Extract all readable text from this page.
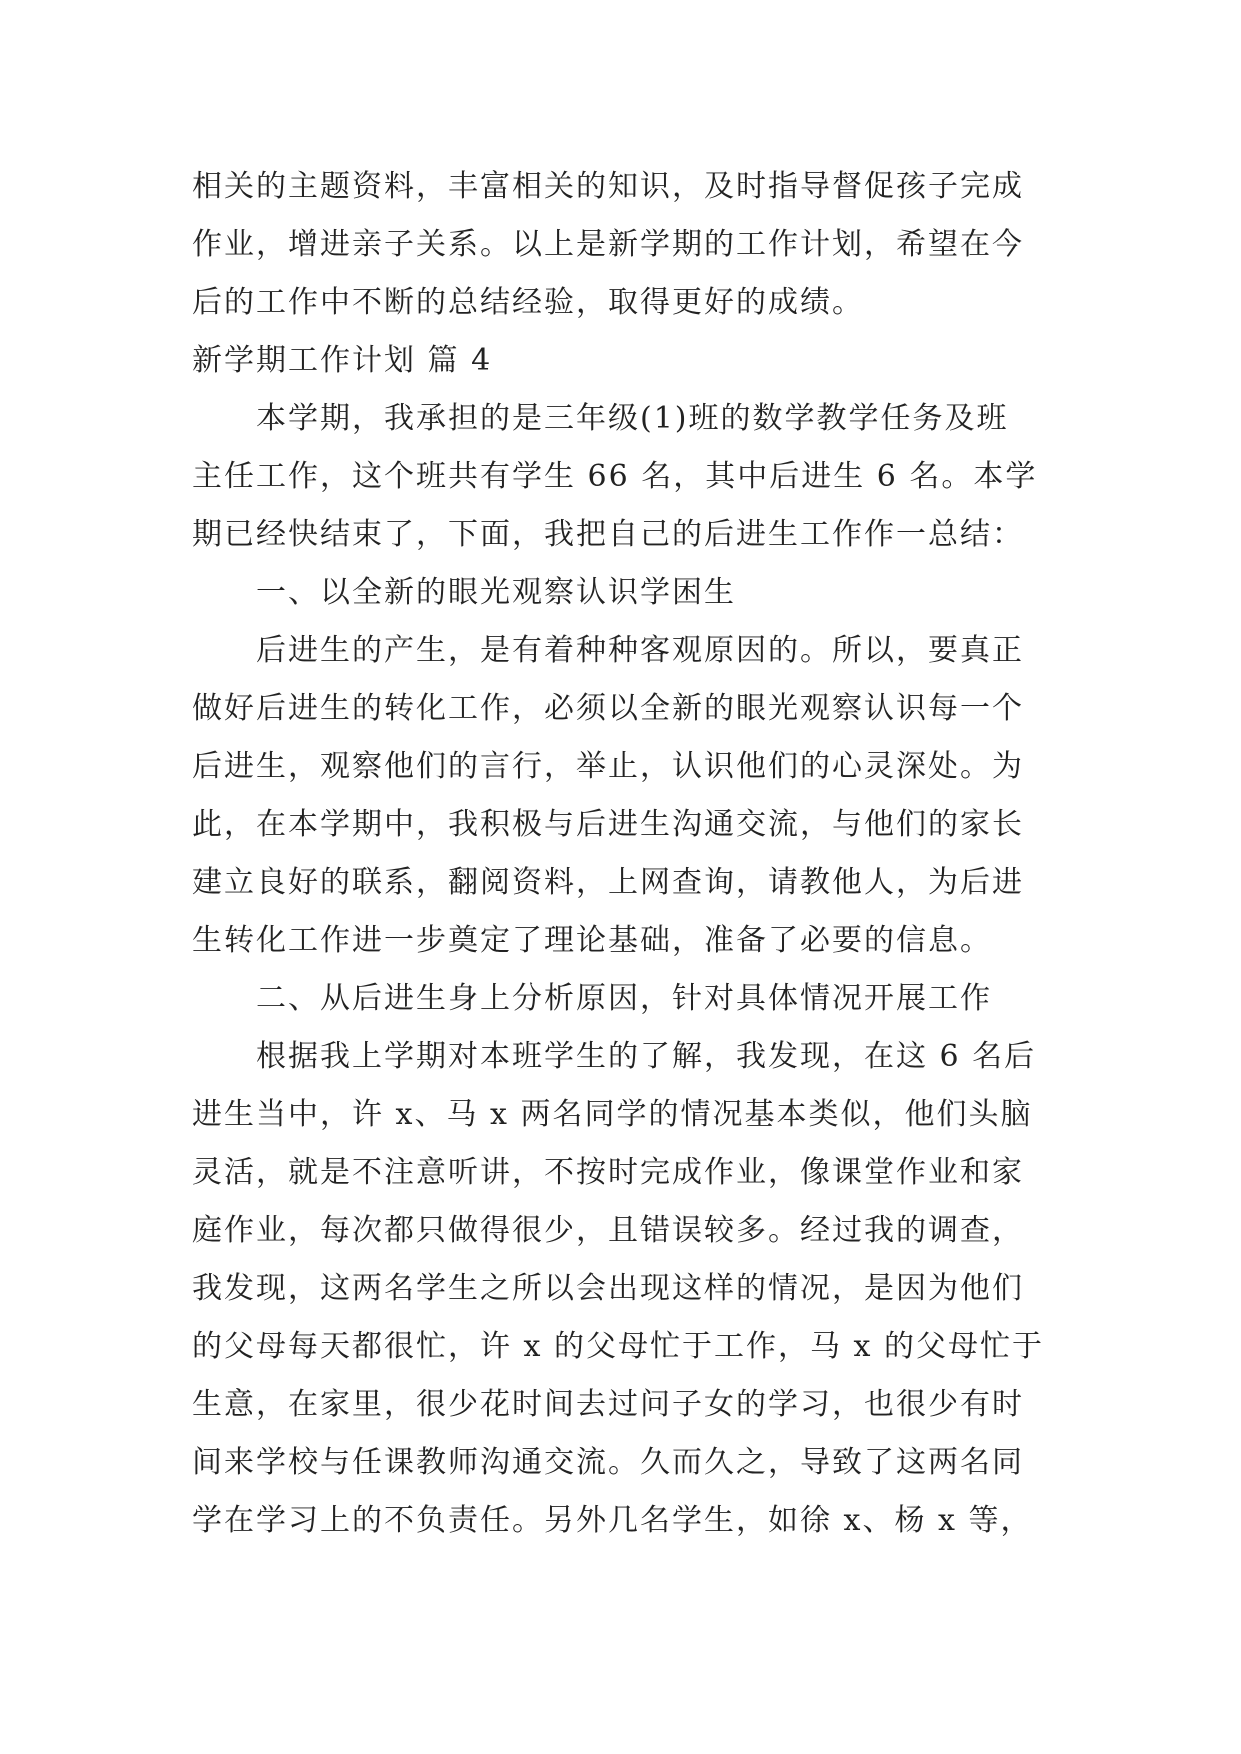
相关的主题资料，丰富相关的知识，及时指导督促孩子完成
作业，增进亲子关系。以上是新学期的工作计划，希望在今
后的工作中不断的总结经验，取得更好的成绩。
新学期工作计划 篇 4
本学期，我承担的是三年级(1)班的数学教学任务及班
主任工作，这个班共有学生 66 名，其中后进生 6 名。本学
期已经快结束了，下面，我把自己的后进生工作作一总结：
一、以全新的眼光观察认识学困生
后进生的产生，是有着种种客观原因的。所以，要真正
做好后进生的转化工作，必须以全新的眼光观察认识每一个
后进生，观察他们的言行，举止，认识他们的心灵深处。为
此，在本学期中，我积极与后进生沟通交流，与他们的家长
建立良好的联系，翻阅资料，上网查询，请教他人，为后进
生转化工作进一步奠定了理论基础，准备了必要的信息。
二、从后进生身上分析原因，针对具体情况开展工作
根据我上学期对本班学生的了解，我发现，在这 6 名后
进生当中，许 x、马 x 两名同学的情况基本类似，他们头脑
灵活，就是不注意听讲，不按时完成作业，像课堂作业和家
庭作业，每次都只做得很少，且错误较多。经过我的调查，
我发现，这两名学生之所以会出现这样的情况，是因为他们
的父母每天都很忙，许 x 的父母忙于工作，马 x 的父母忙于
生意，在家里，很少花时间去过问子女的学习，也很少有时
间来学校与任课教师沟通交流。久而久之，导致了这两名同
学在学习上的不负责任。另外几名学生，如徐 x、杨 x 等，
